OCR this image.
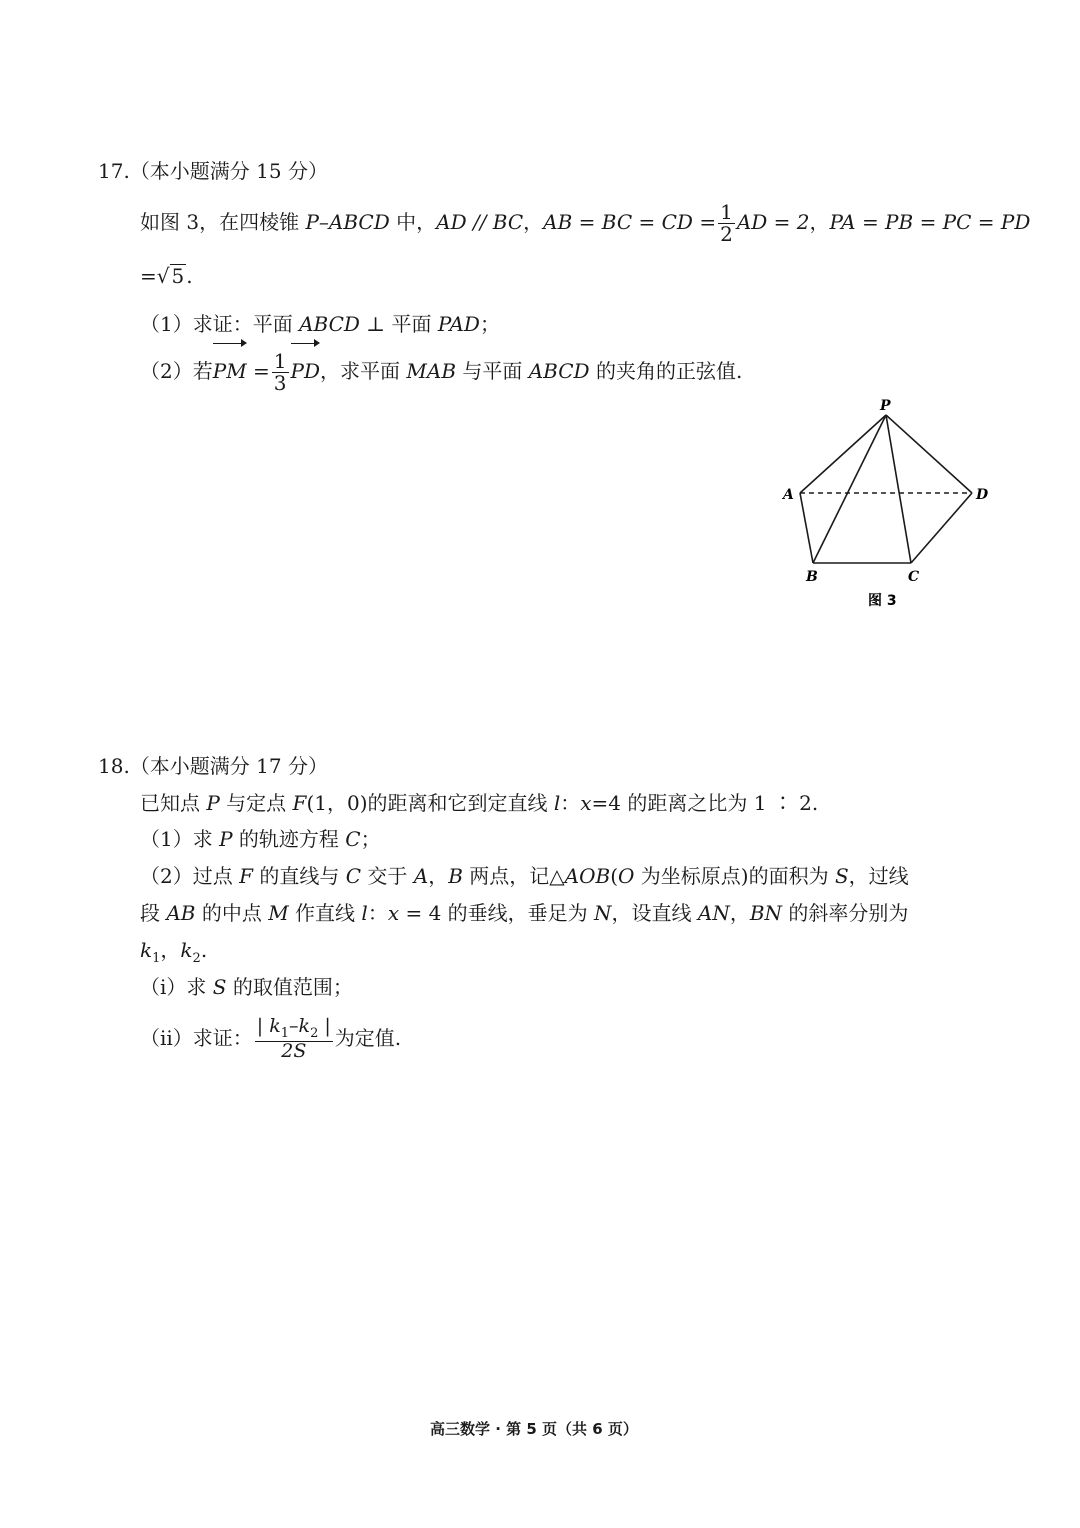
17.（本小题满分 15 分）
如图 3，在四棱锥 P–ABCD 中，AD // BC，AB = BC = CD = $\frac{1}{2}$ AD = 2，PA = PB = PC = PD
=√ 5 .
（1）求证：平面 ABCD ⊥ 平面 PAD；
（2）若PM = $\frac{1}{3}$ PD，求平面 MAB 与平面 ABCD 的夹角的正弦值.
P
A	D
B	C
图 3
18.（本小题满分 17 分）
已知点 P 与定点 F(1，0)的距离和它到定直线 l：x=4 的距离之比为 1 ∶ 2.
（1）求 P 的轨迹方程 C；
（2）过点 F 的直线与 C 交于 A，B 两点，记△AOB(O 为坐标原点)的面积为 S，过线
段 AB 的中点 M 作直线 l：x = 4 的垂线，垂足为 N，设直线 AN，BN 的斜率分别为
$k_1$，$k_2$.
（ⅰ）求 S 的取值范围；
（ⅱ）求证： $\frac{| k_1-k_2 |}{2S}$ 为定值.
高三数学 · 第 5 页（共 6 页）
